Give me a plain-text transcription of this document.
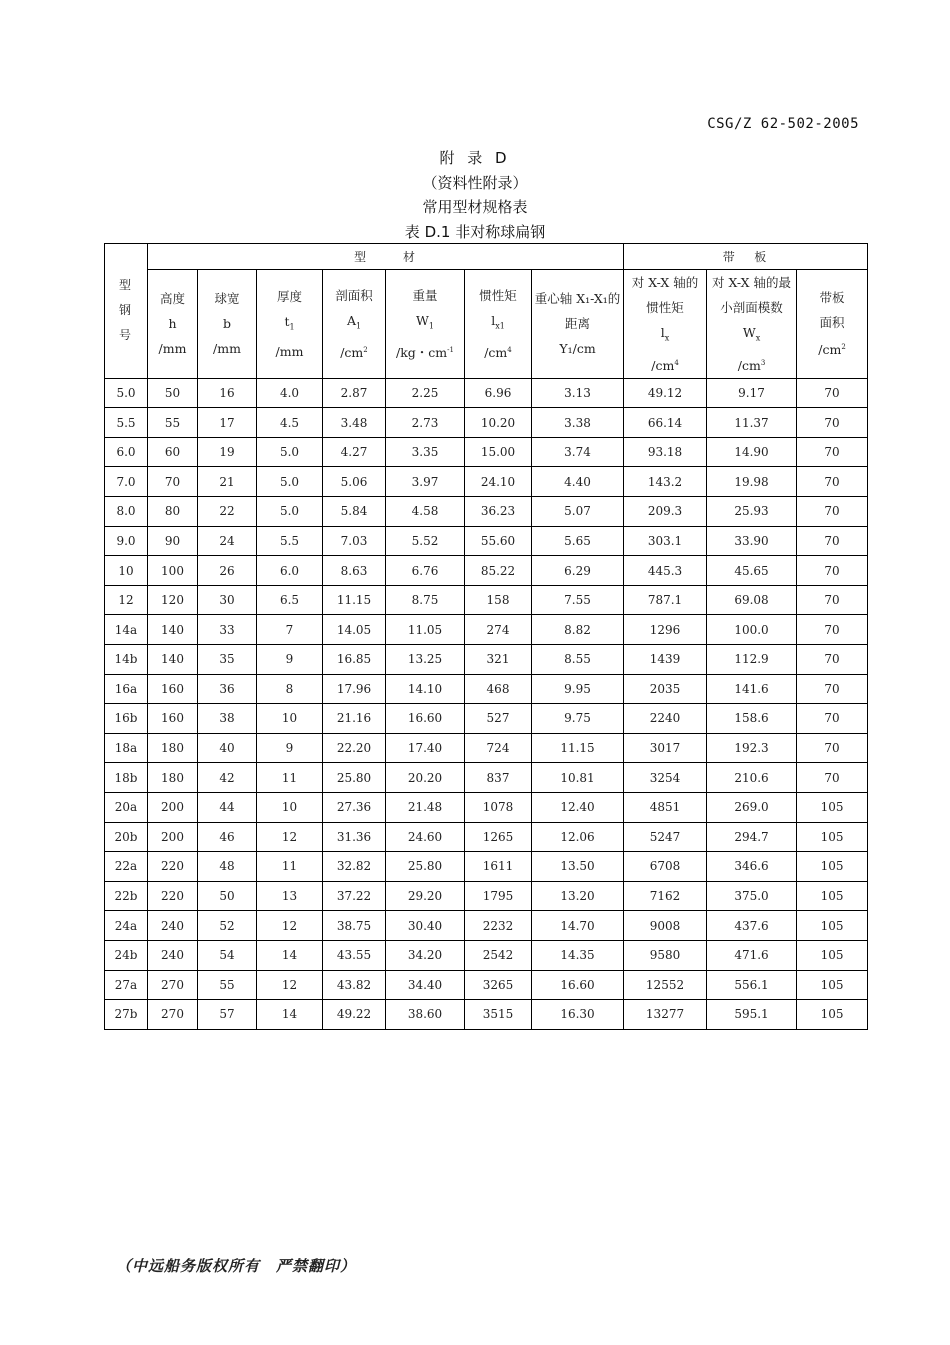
CSG/Z 62-502-2005
附 录 D
（资料性附录）
常用型材规格表
表 D.1 非对称球扁钢
型
钢
号	型      材							带   板		

	高度
h
/mm	球宽
b
/mm	厚度
$t_1$
/mm	剖面积
$A_1$
$/cm^2$	重量
$W_1$
/kg・$cm^{-1}$	惯性矩
$l_{x1}$
$/cm^4$	重心轴 X₁-X₁的
距离
Y₁/cm	对 X-X 轴的
惯性矩
$l_x$
$/cm^4$	对 X-X 轴的最
小剖面模数
$W_x$
$/cm^3$	带板
面积
$/cm^2$

5.0	50	16	4.0	2.87	2.25	6.96	3.13	49.12	9.17	70
5.5	55	17	4.5	3.48	2.73	10.20	3.38	66.14	11.37	70
6.0	60	19	5.0	4.27	3.35	15.00	3.74	93.18	14.90	70
7.0	70	21	5.0	5.06	3.97	24.10	4.40	143.2	19.98	70
8.0	80	22	5.0	5.84	4.58	36.23	5.07	209.3	25.93	70
9.0	90	24	5.5	7.03	5.52	55.60	5.65	303.1	33.90	70
10	100	26	6.0	8.63	6.76	85.22	6.29	445.3	45.65	70
12	120	30	6.5	11.15	8.75	158	7.55	787.1	69.08	70
14a	140	33	7	14.05	11.05	274	8.82	1296	100.0	70
14b	140	35	9	16.85	13.25	321	8.55	1439	112.9	70
16a	160	36	8	17.96	14.10	468	9.95	2035	141.6	70
16b	160	38	10	21.16	16.60	527	9.75	2240	158.6	70
18a	180	40	9	22.20	17.40	724	11.15	3017	192.3	70
18b	180	42	11	25.80	20.20	837	10.81	3254	210.6	70
20a	200	44	10	27.36	21.48	1078	12.40	4851	269.0	105
20b	200	46	12	31.36	24.60	1265	12.06	5247	294.7	105
22a	220	48	11	32.82	25.80	1611	13.50	6708	346.6	105
22b	220	50	13	37.22	29.20	1795	13.20	7162	375.0	105
24a	240	52	12	38.75	30.40	2232	14.70	9008	437.6	105
24b	240	54	14	43.55	34.20	2542	14.35	9580	471.6	105
27a	270	55	12	43.82	34.40	3265	16.60	12552	556.1	105
27b	270	57	14	49.22	38.60	3515	16.30	13277	595.1	105
（中远船务版权所有　严禁翻印）
